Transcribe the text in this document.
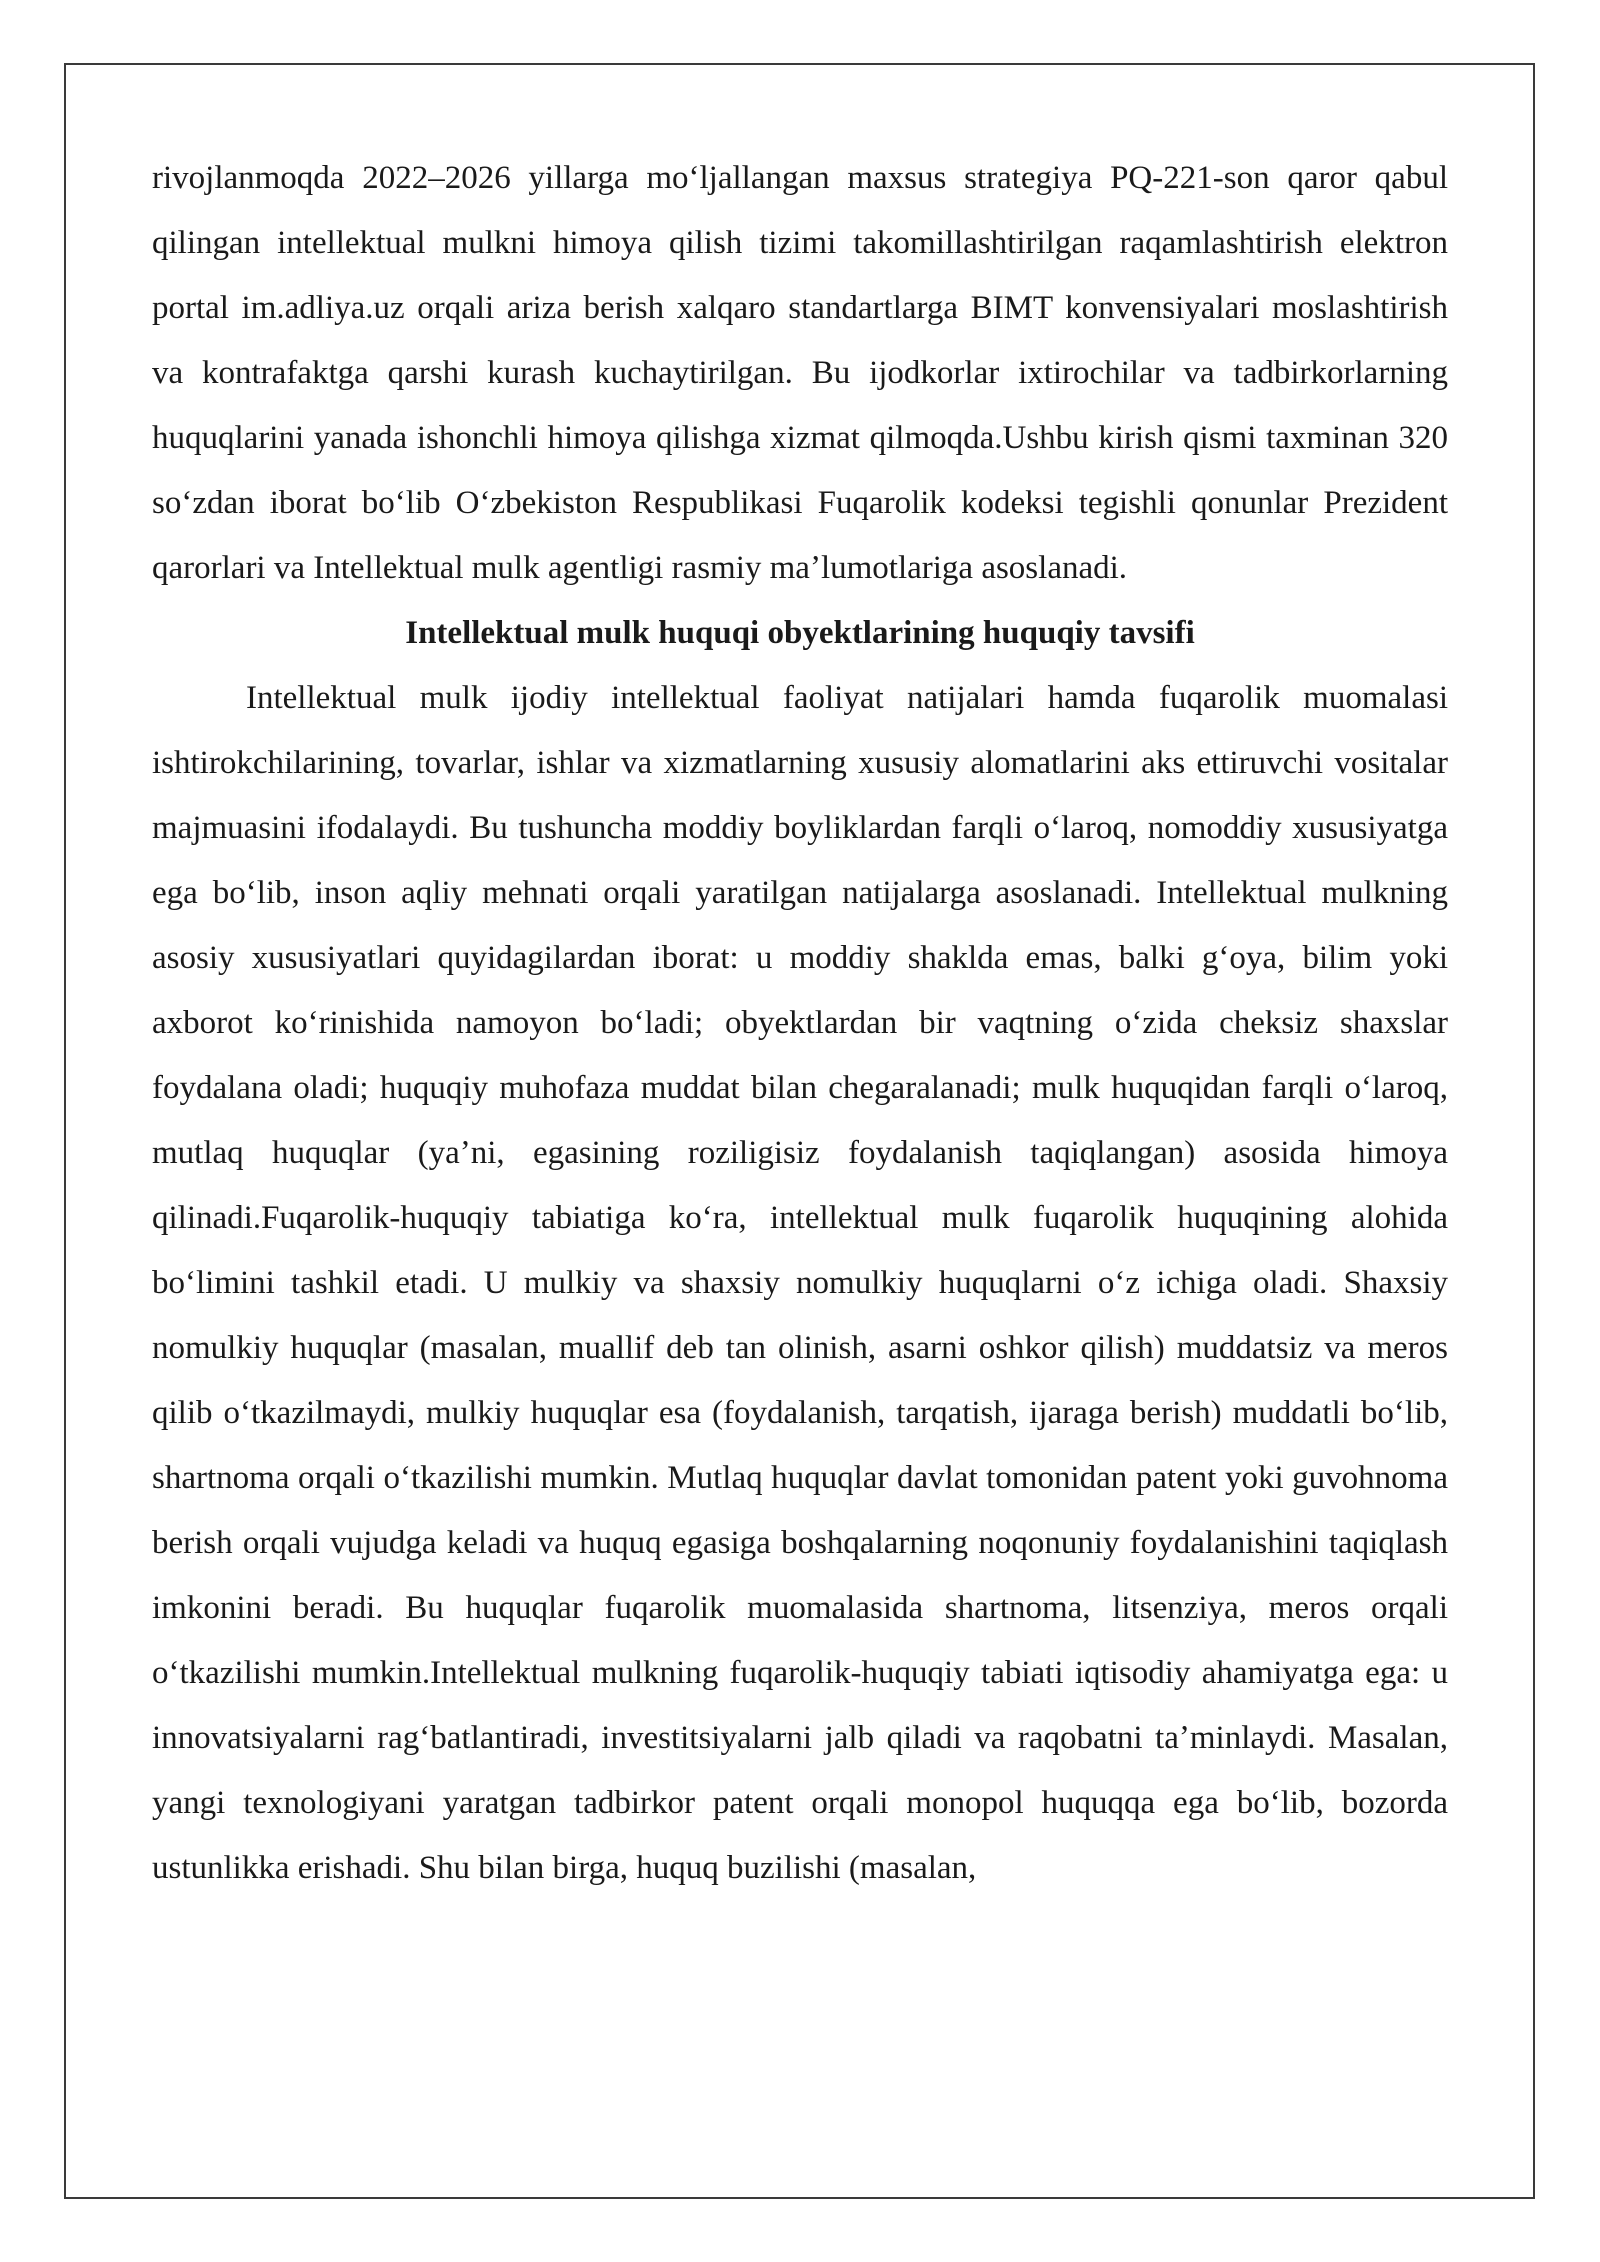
rivojlanmoqda 2022–2026 yillarga moʻljallangan maxsus strategiya PQ-221-son qaror qabul qilingan intellektual mulkni himoya qilish tizimi takomillashtirilgan raqamlashtirish elektron portal im.adliya.uz orqali ariza berish xalqaro standartlarga BIMT konvensiyalari moslashtirish va kontrafaktga qarshi kurash kuchaytirilgan. Bu ijodkorlar ixtirochilar va tadbirkorlarning huquqlarini yanada ishonchli himoya qilishga xizmat qilmoqda.Ushbu kirish qismi taxminan 320 soʻzdan iborat boʻlib Oʻzbekiston Respublikasi Fuqarolik kodeksi tegishli qonunlar Prezident qarorlari va Intellektual mulk agentligi rasmiy maʼlumotlariga asoslanadi.

Intellektual mulk huquqi obyektlarining huquqiy tavsifi

Intellektual mulk ijodiy intellektual faoliyat natijalari hamda fuqarolik muomalasi ishtirokchilarining, tovarlar, ishlar va xizmatlarning xususiy alomatlarini aks ettiruvchi vositalar majmuasini ifodalaydi. Bu tushuncha moddiy boyliklardan farqli oʻlaroq, nomoddiy xususiyatga ega boʻlib, inson aqliy mehnati orqali yaratilgan natijalarga asoslanadi. Intellektual mulkning asosiy xususiyatlari quyidagilardan iborat: u moddiy shaklda emas, balki gʻoya, bilim yoki axborot koʻrinishida namoyon boʻladi; obyektlardan bir vaqtning oʻzida cheksiz shaxslar foydalana oladi; huquqiy muhofaza muddat bilan chegaralanadi; mulk huquqidan farqli oʻlaroq, mutlaq huquqlar (yaʼni, egasining roziligisiz foydalanish taqiqlangan) asosida himoya qilinadi.Fuqarolik-huquqiy tabiatiga koʻra, intellektual mulk fuqarolik huquqining alohida boʻlimini tashkil etadi. U mulkiy va shaxsiy nomulkiy huquqlarni oʻz ichiga oladi. Shaxsiy nomulkiy huquqlar (masalan, muallif deb tan olinish, asarni oshkor qilish) muddatsiz va meros qilib oʻtkazilmaydi, mulkiy huquqlar esa (foydalanish, tarqatish, ijaraga berish) muddatli boʻlib, shartnoma orqali oʻtkazilishi mumkin. Mutlaq huquqlar davlat tomonidan patent yoki guvohnoma berish orqali vujudga keladi va huquq egasiga boshqalarning noqonuniy foydalanishini taqiqlash imkonini beradi. Bu huquqlar fuqarolik muomalasida shartnoma, litsenziya, meros orqali oʻtkazilishi mumkin.Intellektual mulkning fuqarolik-huquqiy tabiati iqtisodiy ahamiyatga ega: u innovatsiyalarni ragʻbatlantiradi, investitsiyalarni jalb qiladi va raqobatni taʼminlaydi. Masalan, yangi texnologiyani yaratgan tadbirkor patent orqali monopol huquqqa ega boʻlib, bozorda ustunlikka erishadi. Shu bilan birga, huquq buzilishi (masalan,
